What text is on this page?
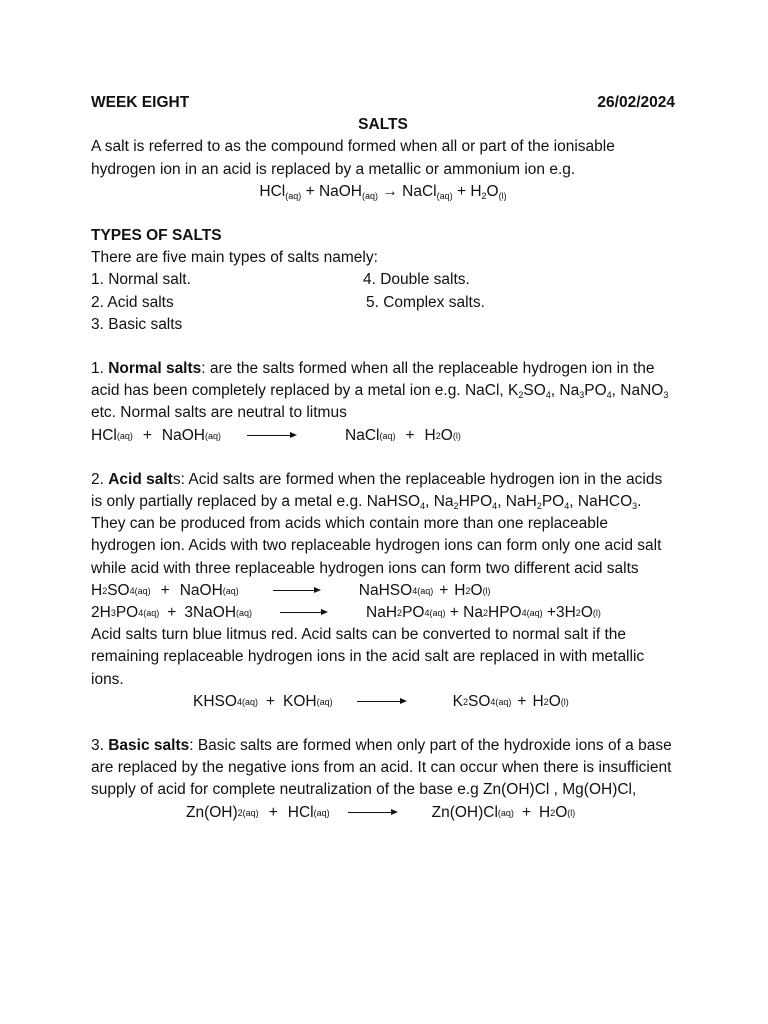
WEEK EIGHT	26/02/2024
SALTS
A salt is referred to as the compound formed when all or part of the ionisable hydrogen ion in an acid is replaced by a metallic or ammonium ion e.g.
HCl$_{(aq)}$ + NaOH$_{(aq)}$ → NaCl$_{(aq)}$ + $H_2O_{(l)}$
TYPES OF SALTS
There are five main types of salts namely:
1. Normal salt.	4. Double salts.
2. Acid salts	5. Complex salts.
3. Basic salts
1. Normal salts: are the salts formed when all the replaceable hydrogen ion in the acid has been completely replaced by a metal ion e.g. NaCl, $K_2SO_4$, $Na_3PO_4$, NaNO$_3$
etc. Normal salts are neutral to litmus
HCl (aq) + NaOH (aq)	NaCl (aq) + H 2 O (l)
2. Acid salts: Acid salts are formed when the replaceable hydrogen ion in the acids is only partially replaced by a metal e.g. NaHSO$_4$, $Na_2HPO_4$, $NaH_2PO_4$, NaHCO$_3$. They can be produced from acids which contain more than one replaceable hydrogen ion. Acids with two replaceable hydrogen ions can form only one acid salt while acid with three replaceable hydrogen ions can form two different acid salts
H 2 SO 4(aq) + NaOH (aq)	NaHSO 4(aq) + H 2 O (l)
2H 3 PO 4(aq) + 3NaOH (aq)	NaH 2 PO 4(aq)
+ Na 2 HPO 4(aq)
+3H 2 O (l)
Acid salts turn blue litmus red. Acid salts can be converted to normal salt if the remaining replaceable hydrogen ions in the acid salt are replaced in with metallic ions.
KHSO 4(aq) + KOH (aq)	K 2 SO 4(aq) + H 2 O (l)
3. Basic salts: Basic salts are formed when only part of the hydroxide ions of a base are replaced by the negative ions from an acid. It can occur when there is insufficient supply of acid for complete neutralization of the base e.g Zn(OH)Cl , Mg(OH)Cl,
Zn(OH) 2(aq) + HCl (aq)	Zn(OH)Cl (aq) + H 2 O (l)
